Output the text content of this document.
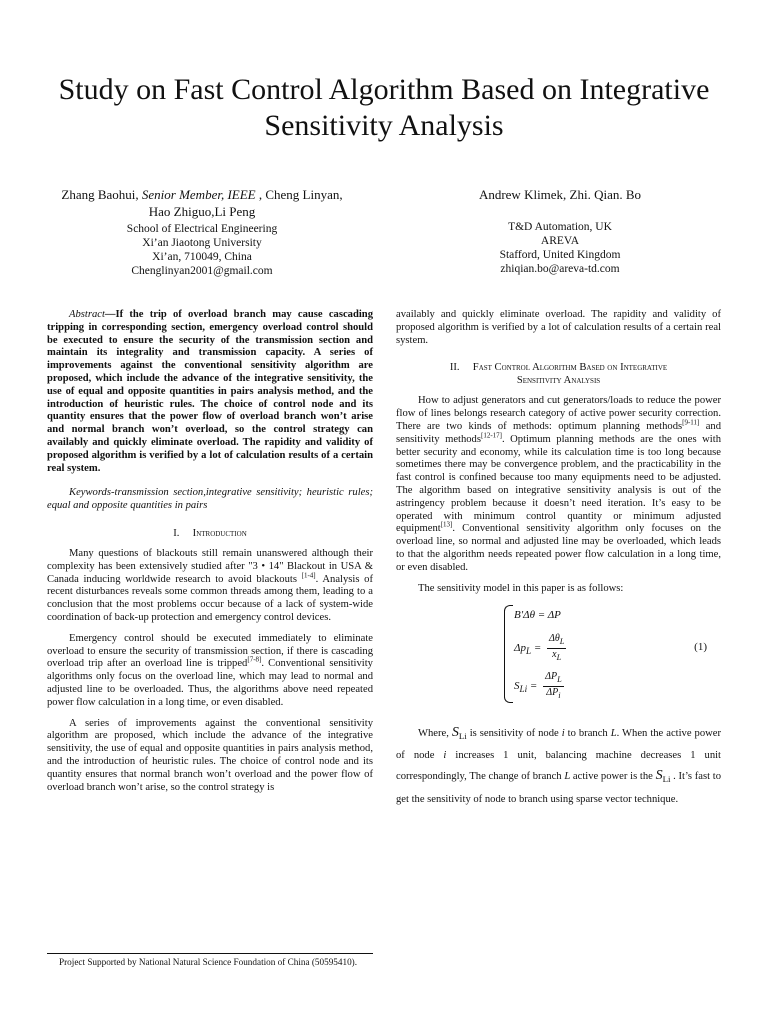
Study on Fast Control Algorithm Based on Integrative
Sensitivity Analysis
Zhang Baohui, Senior Member, IEEE , Cheng Linyan,
Hao Zhiguo,Li Peng
School of Electrical Engineering
Xi’an Jiaotong University
Xi’an, 710049, China
Chenglinyan2001@gmail.com
Andrew Klimek, Zhi. Qian. Bo
T&D Automation, UK
AREVA
Stafford, United Kingdom
zhiqian.bo@areva-td.com

Abstract—If the trip of overload branch may cause cascading tripping in corresponding section, emergency overload control should be executed to ensure the security of the transmission section and maintain its integrality and transmission capacity. A series of improvements against the conventional sensitivity algorithm are proposed, which include the advance of the integrative sensitivity, the use of equal and opposite quantities in pairs analysis method, and the introduction of heuristic rules. The choice of control node and its quantity ensures that the power flow of overload branch won’t arise and normal branch won’t overload, so the control strategy can availably and quickly eliminate overload. The rapidity and validity of proposed algorithm is verified by a lot of calculation results of a certain real system.

Keywords-transmission section,integrative sensitivity; heuristic rules; equal and opposite quantities in pairs

I. Introduction

Many questions of blackouts still remain unanswered although their complexity has been extensively studied after "3 • 14" Blackout in USA & Canada inducing worldwide research to avoid blackouts [1-4]. Analysis of recent disturbances reveals some common threads among them, leading to a conclusion that the most problems occur because of a lack of system-wide coordination of back-up protection and emergency control devices.

Emergency control should be executed immediately to eliminate overload to ensure the security of transmission section, if there is cascading overload trip after an overload line is tripped[7-8]. Conventional sensitivity algorithms only focus on the overload line, which may lead to normal and adjusted line to be overloaded. Thus, the algorithms above need repeated power flow calculation in a long time, or even disabled.

A series of improvements against the conventional sensitivity algorithm are proposed, which include the advance of the integrative sensitivity, the use of equal and opposite quantities in pairs analysis method, and the introduction of heuristic rules. The choice of control node and its quantity ensures that normal branch won’t overload and the power flow of overload branch won’t arise, so the control strategy is

availably and quickly eliminate overload. The rapidity and validity of proposed algorithm is verified by a lot of calculation results of a certain real system.

II. Fast Control Algorithm Based on Integrative
Sensitivity Analysis

How to adjust generators and cut generators/loads to reduce the power flow of lines belongs research category of active power security correction. There are two kinds of methods: optimum planning methods[9-11] and sensitivity methods[12-17]. Optimum planning methods are the ones with better security and economy, while its calculation time is too long because sometimes there may be convergence problem, and the practicability in the fast control is confined because too many equipments need to be adjusted. The algorithm based on integrative sensitivity analysis is out of the astringency problem because it doesn’t need iteration. It’s easy to be operated with minimum control quantity or minimum adjusted equipment[13]. Conventional sensitivity algorithm only focuses on the overload line, so normal and adjusted line may be overloaded, which leads to that the algorithm needs repeated power flow calculation in a long time, or even disabled.

The sensitivity model in this paper is as follows:

B′Δθ = ΔP
$\Delta p_L = \frac{\Delta\theta_L}{x_L}$
$S_{Li} = \frac{\Delta P_L}{\Delta P_i}$
(1)

Where, $S_{Li}$ is sensitivity of node i to branch L. When the active power of node i increases 1 unit, balancing machine decreases 1 unit correspondingly, The change of branch L active power is the $S_{Li}$ . It’s fast to get the sensitivity of node to branch using sparse vector technique.

Project Supported by National Natural Science Foundation of China (50595410).
